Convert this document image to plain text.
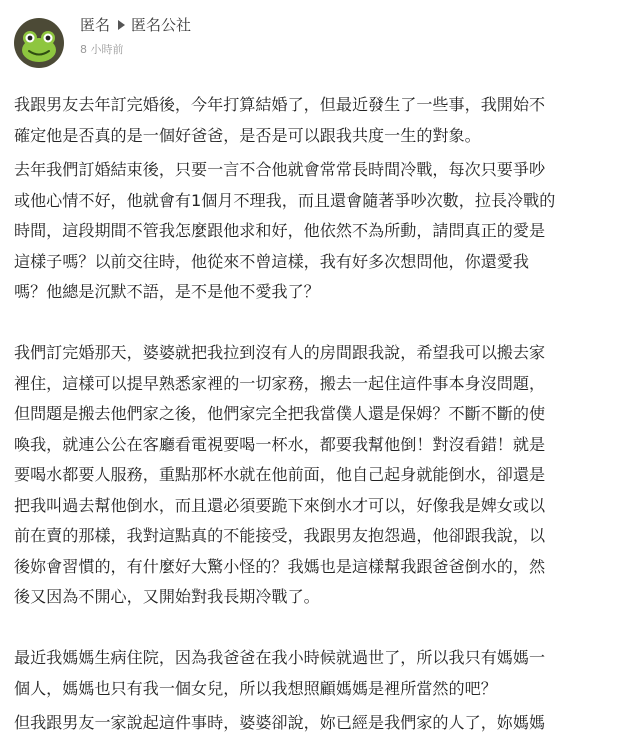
匿名 匿名公社
8 小時前

我跟男友去年訂完婚後，今年打算結婚了，但最近發生了一些事，我開始不

確定他是否真的是一個好爸爸，是否是可以跟我共度一生的對象。

去年我們訂婚結束後，只要一言不合他就會常常長時間冷戰，每次只要爭吵

或他心情不好，他就會有1個月不理我，而且還會隨著爭吵次數，拉長冷戰的

時間，這段期間不管我怎麼跟他求和好，他依然不為所動，請問真正的愛是

這樣子嗎？以前交往時，他從來不曾這樣，我有好多次想問他，你還愛我

嗎？他總是沉默不語，是不是他不愛我了？

我們訂完婚那天，婆婆就把我拉到沒有人的房間跟我說，希望我可以搬去家

裡住，這樣可以提早熟悉家裡的一切家務，搬去一起住這件事本身沒問題，

但問題是搬去他們家之後，他們家完全把我當僕人還是保姆？不斷不斷的使

喚我，就連公公在客廳看電視要喝一杯水，都要我幫他倒！對沒看錯！就是

要喝水都要人服務，重點那杯水就在他前面，他自己起身就能倒水，卻還是

把我叫過去幫他倒水，而且還必須要跪下來倒水才可以，好像我是婢女或以

前在賣的那樣，我對這點真的不能接受，我跟男友抱怨過，他卻跟我說，以

後妳會習慣的，有什麼好大驚小怪的？我媽也是這樣幫我跟爸爸倒水的，然

後又因為不開心，又開始對我長期冷戰了。

最近我媽媽生病住院，因為我爸爸在我小時候就過世了，所以我只有媽媽一

個人，媽媽也只有我一個女兒，所以我想照顧媽媽是裡所當然的吧？

但我跟男友一家說起這件事時，婆婆卻說，妳已經是我們家的人了，妳媽媽
